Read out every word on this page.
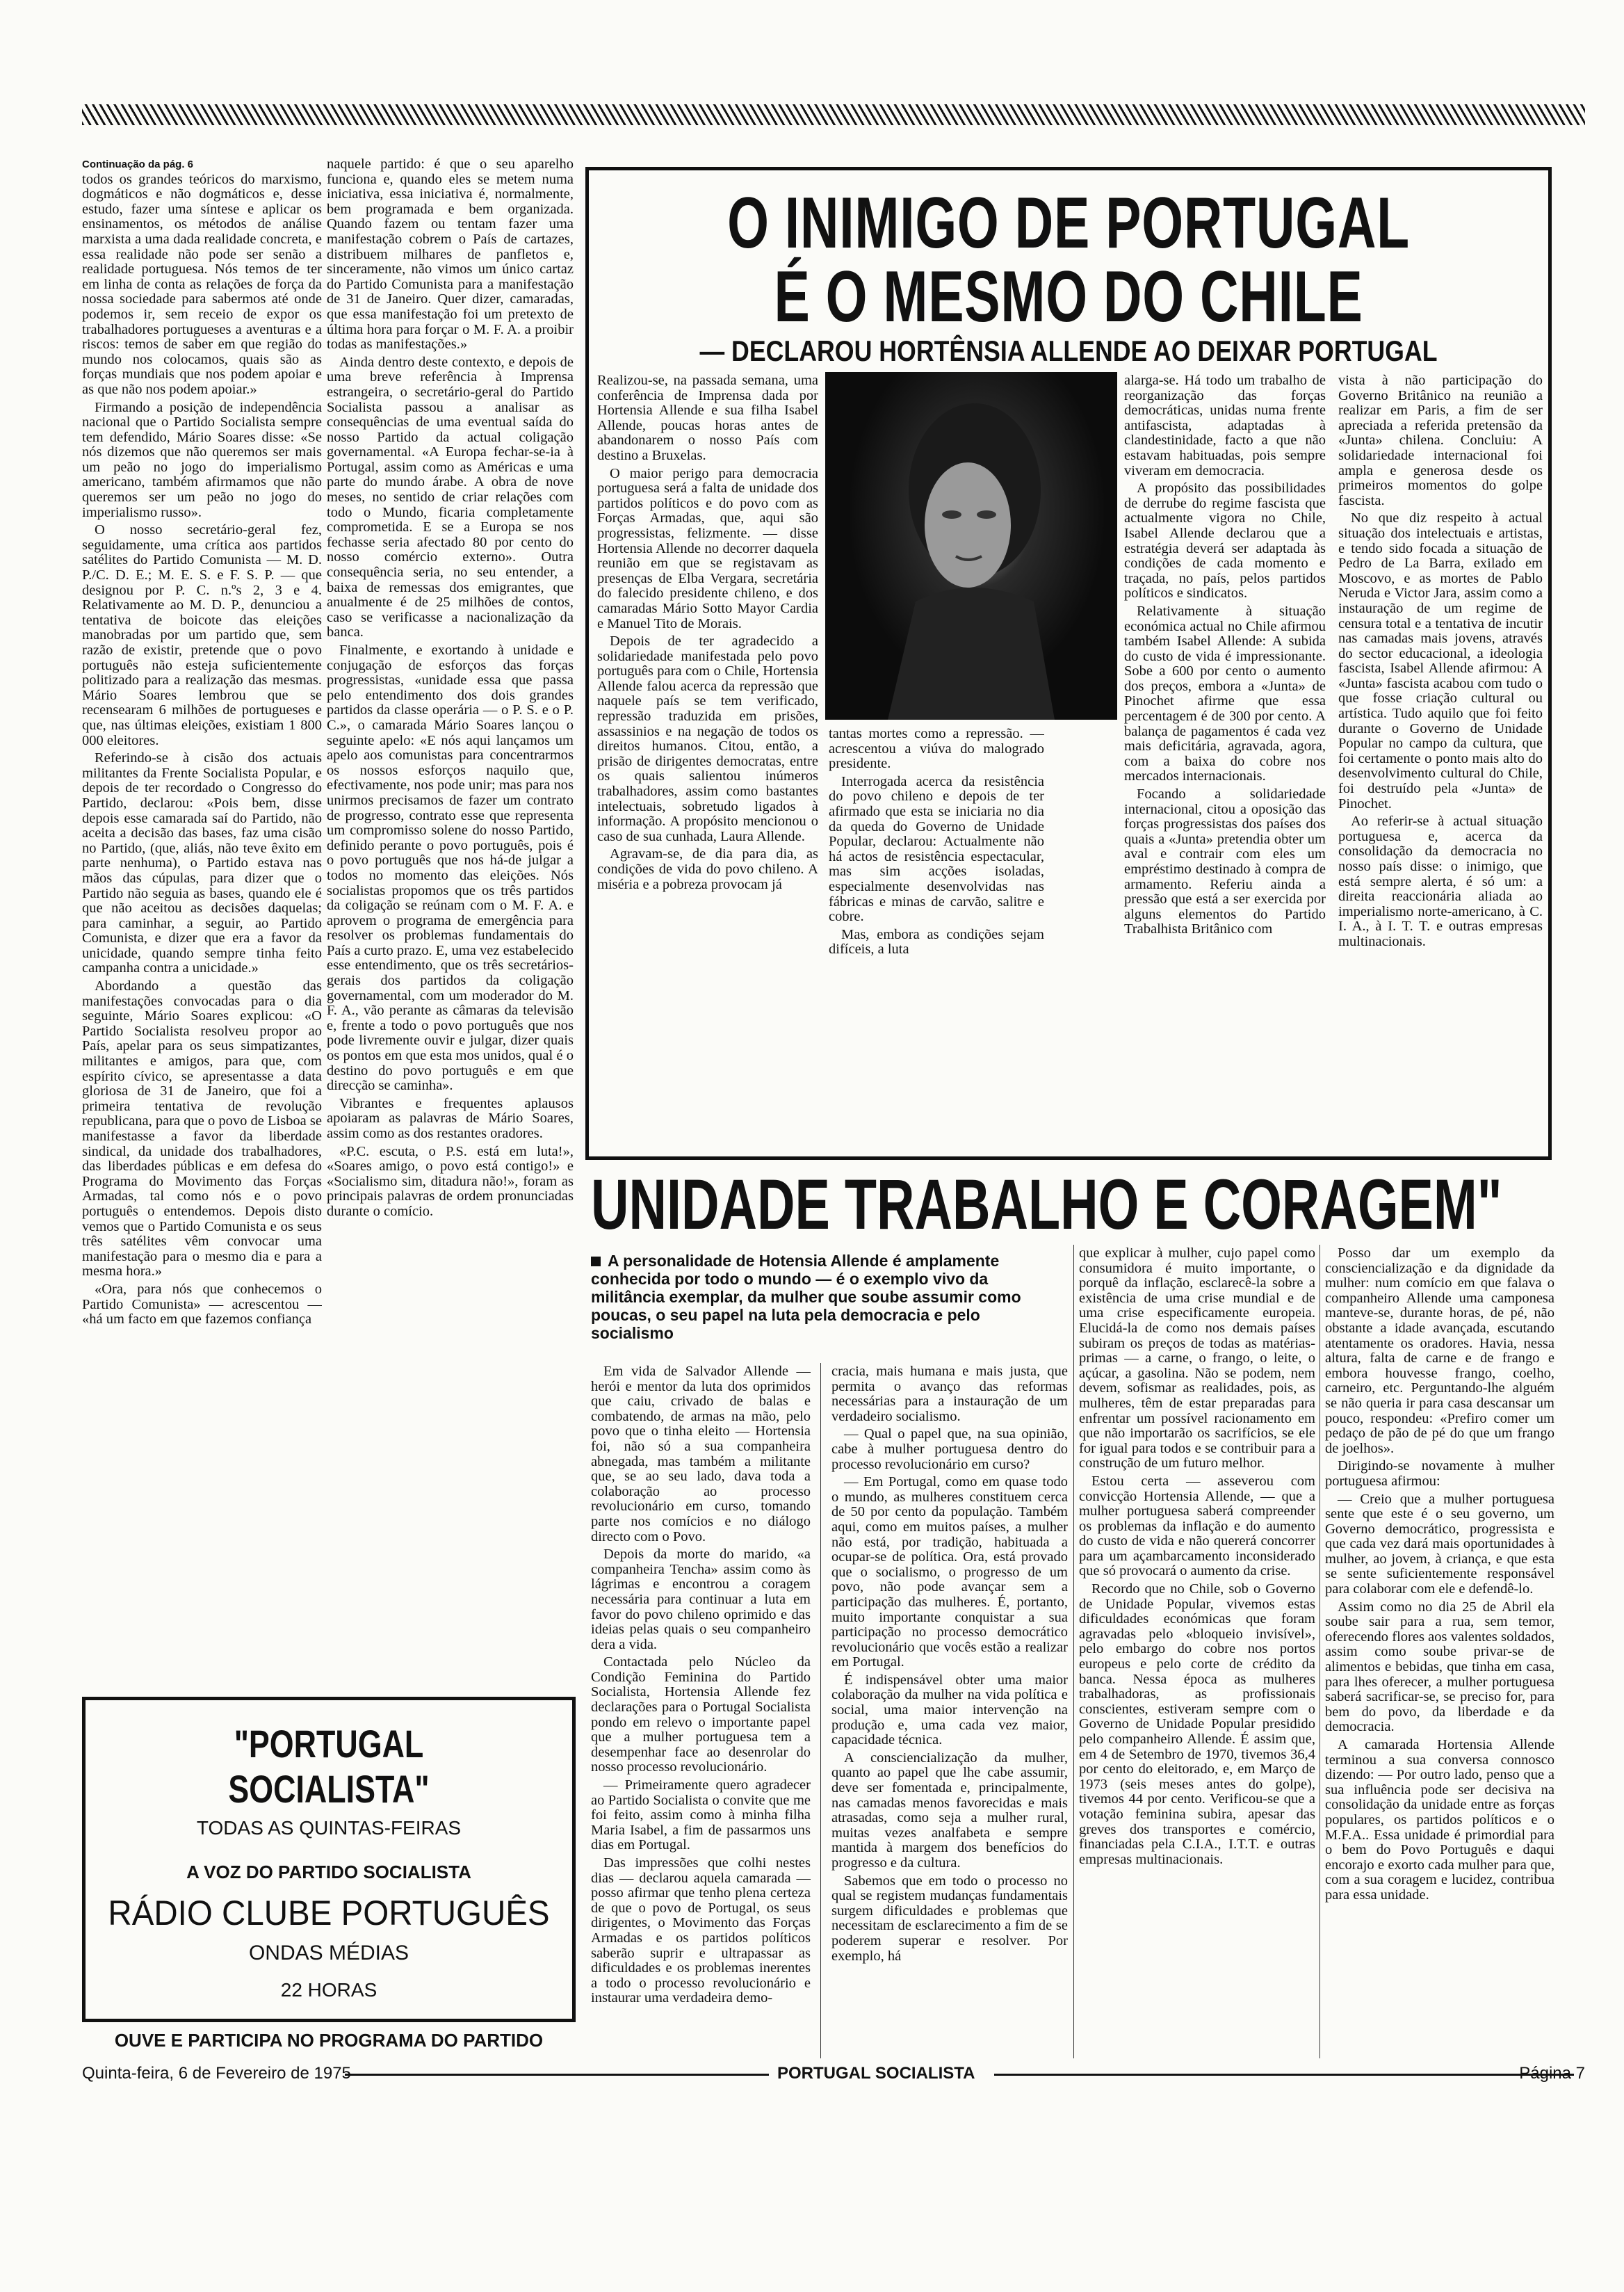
Continuação da pág. 6

todos os grandes teóricos do marxismo, dogmáticos e não dogmáticos e, desse estudo, fazer uma síntese e aplicar os ensinamentos, os métodos de análise marxista a uma dada realidade concreta, e essa realidade não pode ser senão a realidade portuguesa. Nós temos de ter em linha de conta as relações de força da nossa sociedade para sabermos até onde podemos ir, sem receio de expor os trabalhadores portugueses a aventuras e a riscos: temos de saber em que região do mundo nos colocamos, quais são as forças mundiais que nos podem apoiar e as que não nos podem apoiar.»

Firmando a posição de independência nacional que o Partido Socialista sempre tem defendido, Mário Soares disse: «Se nós dizemos que não queremos ser mais um peão no jogo do imperialismo americano, também afirmamos que não queremos ser um peão no jogo do imperialismo russo».

O nosso secretário-geral fez, seguidamente, uma crítica aos partidos satélites do Partido Comunista — M. D. P./C. D. E.; M. E. S. e F. S. P. — que designou por P. C. n.ºs 2, 3 e 4. Relativamente ao M. D. P., denunciou a tentativa de boicote das eleições manobradas por um partido que, sem razão de existir, pretende que o povo português não esteja suficientemente politizado para a realização das mesmas. Mário Soares lembrou que se recensearam 6 milhões de portugueses e que, nas últimas eleições, existiam 1 800 000 eleitores.

Referindo-se à cisão dos actuais militantes da Frente Socialista Popular, e depois de ter recordado o Congresso do Partido, declarou: «Pois bem, disse depois esse camarada saí do Partido, não aceita a decisão das bases, faz uma cisão no Partido, (que, aliás, não teve êxito em parte nenhuma), o Partido estava nas mãos das cúpulas, para dizer que o Partido não seguia as bases, quando ele é que não aceitou as decisões daquelas; para caminhar, a seguir, ao Partido Comunista, e dizer que era a favor da unicidade, quando sempre tinha feito campanha contra a unicidade.»

Abordando a questão das manifestações convocadas para o dia seguinte, Mário Soares explicou: «O Partido Socialista resolveu propor ao País, apelar para os seus simpatizantes, militantes e amigos, para que, com espírito cívico, se apresentasse a data gloriosa de 31 de Janeiro, que foi a primeira tentativa de revolução republicana, para que o povo de Lisboa se manifestasse a favor da liberdade sindical, da unidade dos trabalhadores, das liberdades públicas e em defesa do Programa do Movimento das Forças Armadas, tal como nós e o povo português o entendemos. Depois disto vemos que o Partido Comunista e os seus três satélites vêm convocar uma manifestação para o mesmo dia e para a mesma hora.»

«Ora, para nós que conhecemos o Partido Comunista» — acrescentou — «há um facto em que fazemos confiança

naquele partido: é que o seu aparelho funciona e, quando eles se metem numa iniciativa, essa iniciativa é, normalmente, bem programada e bem organizada. Quando fazem ou tentam fazer uma manifestação cobrem o País de cartazes, distribuem milhares de panfletos e, sinceramente, não vimos um único cartaz do Partido Comunista para a manifestação de 31 de Janeiro. Quer dizer, camaradas, que essa manifestação foi um pretexto de última hora para forçar o M. F. A. a proibir todas as manifestações.»

Ainda dentro deste contexto, e depois de uma breve referência à Imprensa estrangeira, o secretário-geral do Partido Socialista passou a analisar as consequências de uma eventual saída do nosso Partido da actual coligação governamental. «A Europa fechar-se-ia à Portugal, assim como as Américas e uma parte do mundo árabe. A obra de nove meses, no sentido de criar relações com todo o Mundo, ficaria completamente comprometida. E se a Europa se nos fechasse seria afectado 80 por cento do nosso comércio externo». Outra consequência seria, no seu entender, a baixa de remessas dos emigrantes, que anualmente é de 25 milhões de contos, caso se verificasse a nacionalização da banca.

Finalmente, e exortando à unidade e conjugação de esforços das forças progressistas, «unidade essa que passa pelo entendimento dos dois grandes partidos da classe operária — o P. S. e o P. C.», o camarada Mário Soares lançou o seguinte apelo: «E nós aqui lançamos um apelo aos comunistas para concentrarmos os nossos esforços naquilo que, efectivamente, nos pode unir; mas para nos unirmos precisamos de fazer um contrato de progresso, contrato esse que representa um compromisso solene do nosso Partido, definido perante o povo português, pois é o povo português que nos há-de julgar a todos no momento das eleições. Nós socialistas propomos que os três partidos da coligação se reúnam com o M. F. A. e aprovem o programa de emergência para resolver os problemas fundamentais do País a curto prazo. E, uma vez estabelecido esse entendimento, que os três secretários-gerais dos partidos da coligação governamental, com um moderador do M. F. A., vão perante as câmaras da televisão e, frente a todo o povo português que nos pode livremente ouvir e julgar, dizer quais os pontos em que esta mos unidos, qual é o destino do povo português e em que direcção se caminha».

Vibrantes e frequentes aplausos apoiaram as palavras de Mário Soares, assim como as dos restantes oradores.

«P.C. escuta, o P.S. está em luta!», «Soares amigo, o povo está contigo!» e «Socialismo sim, ditadura não!», foram as principais palavras de ordem pronunciadas durante o comício.

O INIMIGO DE PORTUGAL
É O MESMO DO CHILE
— DECLAROU HORTÊNSIA ALLENDE AO DEIXAR PORTUGAL

Realizou-se, na passada semana, uma conferência de Imprensa dada por Hortensia Allende e sua filha Isabel Allende, poucas horas antes de abandonarem o nosso País com destino a Bruxelas.

O maior perigo para democracia portuguesa será a falta de unidade dos partidos políticos e do povo com as Forças Armadas, que, aqui são progressistas, felizmente. — disse Hortensia Allende no decorrer daquela reunião em que se registavam as presenças de Elba Vergara, secretária do falecido presidente chileno, e dos camaradas Mário Sotto Mayor Cardia e Manuel Tito de Morais.

Depois de ter agradecido a solidariedade manifestada pelo povo português para com o Chile, Hortensia Allende falou acerca da repressão que naquele país se tem verificado, repressão traduzida em prisões, assassinios e na negação de todos os direitos humanos. Citou, então, a prisão de dirigentes democratas, entre os quais salientou inúmeros trabalhadores, assim como bastantes intelectuais, sobretudo ligados à informação. A propósito mencionou o caso de sua cunhada, Laura Allende.

Agravam-se, de dia para dia, as condições de vida do povo chileno. A miséria e a pobreza provocam já

tantas mortes como a repressão. — acrescentou a viúva do malogrado presidente.

Interrogada acerca da resistência do povo chileno e depois de ter afirmado que esta se iniciaria no dia da queda do Governo de Unidade Popular, declarou: Actualmente não há actos de resistência espectacular, mas sim acções isoladas, especialmente desenvolvidas nas fábricas e minas de carvão, salitre e cobre.

Mas, embora as condições sejam difíceis, a luta

alarga-se. Há todo um trabalho de reorganização das forças democráticas, unidas numa frente antifascista, adaptadas à clandestinidade, facto a que não estavam habituadas, pois sempre viveram em democracia.

A propósito das possibilidades de derrube do regime fascista que actualmente vigora no Chile, Isabel Allende declarou que a estratégia deverá ser adaptada às condições de cada momento e traçada, no país, pelos partidos políticos e sindicatos.

Relativamente à situação económica actual no Chile afirmou também Isabel Allende: A subida do custo de vida é impressionante. Sobe a 600 por cento o aumento dos preços, embora a «Junta» de Pinochet afirme que essa percentagem é de 300 por cento. A balança de pagamentos é cada vez mais deficitária, agravada, agora, com a baixa do cobre nos mercados internacionais.

Focando a solidariedade internacional, citou a oposição das forças progressistas dos países dos quais a «Junta» pretendia obter um aval e contrair com eles um empréstimo destinado à compra de armamento. Referiu ainda a pressão que está a ser exercida por alguns elementos do Partido Trabalhista Britânico com

vista à não participação do Governo Britânico na reunião a realizar em Paris, a fim de ser apreciada a referida pretensão da «Junta» chilena. Concluiu: A solidariedade internacional foi ampla e generosa desde os primeiros momentos do golpe fascista.

No que diz respeito à actual situação dos intelectuais e artistas, e tendo sido focada a situação de Pedro de La Barra, exilado em Moscovo, e as mortes de Pablo Neruda e Victor Jara, assim como a instauração de um regime de censura total e a tentativa de incutir nas camadas mais jovens, através do sector educacional, a ideologia fascista, Isabel Allende afirmou: A «Junta» fascista acabou com tudo o que fosse criação cultural ou artística. Tudo aquilo que foi feito durante o Governo de Unidade Popular no campo da cultura, que foi certamente o ponto mais alto do desenvolvimento cultural do Chile, foi destruído pela «Junta» de Pinochet.

Ao referir-se à actual situação portuguesa e, acerca da consolidação da democracia no nosso país disse: o inimigo, que está sempre alerta, é só um: a direita reaccionária aliada ao imperialismo norte-americano, à C. I. A., à I. T. T. e outras empresas multinacionais.

UNIDADE TRABALHO E CORAGEM"
A personalidade de Hotensia Allende é amplamente conhecida por todo o mundo — é o exemplo vivo da militância exemplar, da mulher que soube assumir como poucas, o seu papel na luta pela democracia e pelo socialismo

Em vida de Salvador Allende — herói e mentor da luta dos oprimidos que caiu, crivado de balas e combatendo, de armas na mão, pelo povo que o tinha eleito — Hortensia foi, não só a sua companheira abnegada, mas também a militante que, se ao seu lado, dava toda a colaboração ao processo revolucionário em curso, tomando parte nos comícios e no diálogo directo com o Povo.

Depois da morte do marido, «a companheira Tencha» assim como às lágrimas e encontrou a coragem necessária para continuar a luta em favor do povo chileno oprimido e das ideias pelas quais o seu companheiro dera a vida.

Contactada pelo Núcleo da Condição Feminina do Partido Socialista, Hortensia Allende fez declarações para o Portugal Socialista pondo em relevo o importante papel que a mulher portuguesa tem a desempenhar face ao desenrolar do nosso processo revolucionário.

— Primeiramente quero agradecer ao Partido Socialista o convite que me foi feito, assim como à minha filha Maria Isabel, a fim de passarmos uns dias em Portugal.

Das impressões que colhi nestes dias — declarou aquela camarada — posso afirmar que tenho plena certeza de que o povo de Portugal, os seus dirigentes, o Movimento das Forças Armadas e os partidos políticos saberão suprir e ultrapassar as dificuldades e os problemas inerentes a todo o processo revolucionário e instaurar uma verdadeira demo-

cracia, mais humana e mais justa, que permita o avanço das reformas necessárias para a instauração de um verdadeiro socialismo.

— Qual o papel que, na sua opinião, cabe à mulher portuguesa dentro do processo revolucionário em curso?

— Em Portugal, como em quase todo o mundo, as mulheres constituem cerca de 50 por cento da população. Também aqui, como em muitos países, a mulher não está, por tradição, habituada a ocupar-se de política. Ora, está provado que o socialismo, o progresso de um povo, não pode avançar sem a participação das mulheres. É, portanto, muito importante conquistar a sua participação no processo democrático revolucionário que vocês estão a realizar em Portugal.

É indispensável obter uma maior colaboração da mulher na vida política e social, uma maior intervenção na produção e, uma cada vez maior, capacidade técnica.

A consciencialização da mulher, quanto ao papel que lhe cabe assumir, deve ser fomentada e, principalmente, nas camadas menos favorecidas e mais atrasadas, como seja a mulher rural, muitas vezes analfabeta e sempre mantida à margem dos benefícios do progresso e da cultura.

Sabemos que em todo o processo no qual se registem mudanças fundamentais surgem dificuldades e problemas que necessitam de esclarecimento a fim de se poderem superar e resolver. Por exemplo, há

que explicar à mulher, cujo papel como consumidora é muito importante, o porquê da inflação, esclarecê-la sobre a existência de uma crise mundial e de uma crise especificamente europeia. Elucidá-la de como nos demais países subiram os preços de todas as matérias-primas — a carne, o frango, o leite, o açúcar, a gasolina. Não se podem, nem devem, sofismar as realidades, pois, as mulheres, têm de estar preparadas para enfrentar um possível racionamento em que não importarão os sacrifícios, se ele for igual para todos e se contribuir para a construção de um futuro melhor.

Estou certa — asseverou com convicção Hortensia Allende, — que a mulher portuguesa saberá compreender os problemas da inflação e do aumento do custo de vida e não quererá concorrer para um açambarcamento inconsiderado que só provocará o aumento da crise.

Recordo que no Chile, sob o Governo de Unidade Popular, vivemos estas dificuldades económicas que foram agravadas pelo «bloqueio invisível», pelo embargo do cobre nos portos europeus e pelo corte de crédito da banca. Nessa época as mulheres trabalhadoras, as profissionais conscientes, estiveram sempre com o Governo de Unidade Popular presidido pelo companheiro Allende. É assim que, em 4 de Setembro de 1970, tivemos 36,4 por cento do eleitorado, e, em Março de 1973 (seis meses antes do golpe), tivemos 44 por cento. Verificou-se que a votação feminina subira, apesar das greves dos transportes e comércio, financiadas pela C.I.A., I.T.T. e outras empresas multinacionais.

Posso dar um exemplo da consciencialização e da dignidade da mulher: num comício em que falava o companheiro Allende uma camponesa manteve-se, durante horas, de pé, não obstante a idade avançada, escutando atentamente os oradores. Havia, nessa altura, falta de carne e de frango e embora houvesse frango, coelho, carneiro, etc. Perguntando-lhe alguém se não queria ir para casa descansar um pouco, respondeu: «Prefiro comer um pedaço de pão de pé do que um frango de joelhos».

Dirigindo-se novamente à mulher portuguesa afirmou:

— Creio que a mulher portuguesa sente que este é o seu governo, um Governo democrático, progressista e que cada vez dará mais oportunidades à mulher, ao jovem, à criança, e que esta se sente suficientemente responsável para colaborar com ele e defendê-lo.

Assim como no dia 25 de Abril ela soube sair para a rua, sem temor, oferecendo flores aos valentes soldados, assim como soube privar-se de alimentos e bebidas, que tinha em casa, para lhes oferecer, a mulher portuguesa saberá sacrificar-se, se preciso for, para bem do povo, da liberdade e da democracia.

A camarada Hortensia Allende terminou a sua conversa connosco dizendo: — Por outro lado, penso que a sua influência pode ser decisiva na consolidação da unidade entre as forças populares, os partidos políticos e o M.F.A.. Essa unidade é primordial para o bem do Povo Português e daqui encorajo e exorto cada mulher para que, com a sua coragem e lucidez, contribua para essa unidade.

"PORTUGAL SOCIALISTA"
TODAS AS QUINTAS-FEIRAS
A VOZ DO PARTIDO SOCIALISTA
RÁDIO CLUBE PORTUGUÊS
ONDAS MÉDIAS
22 HORAS
OUVE E PARTICIPA NO PROGRAMA DO PARTIDO
Quinta-feira, 6 de Fevereiro de 1975	PORTUGAL SOCIALISTA	Página 7
